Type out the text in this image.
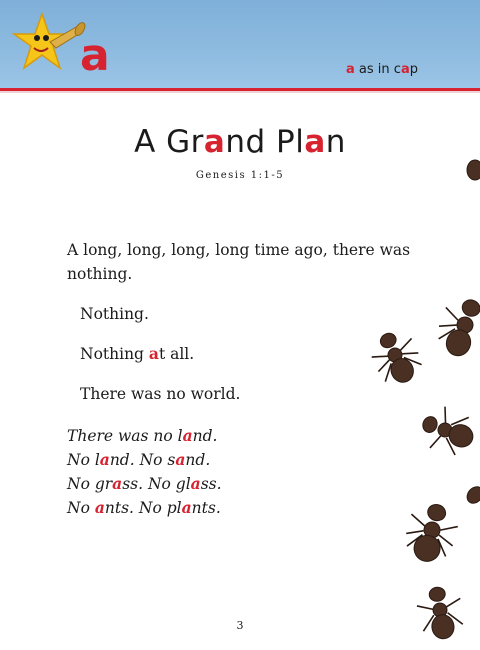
a	a as in cap
A Grand Plan
Genesis 1:1-5
A long, long, long, long time ago, there was
nothing.
Nothing.
Nothing at all.
There was no world.
There was no land.
No land. No sand.
No grass. No glass.
No ants. No plants.
3
